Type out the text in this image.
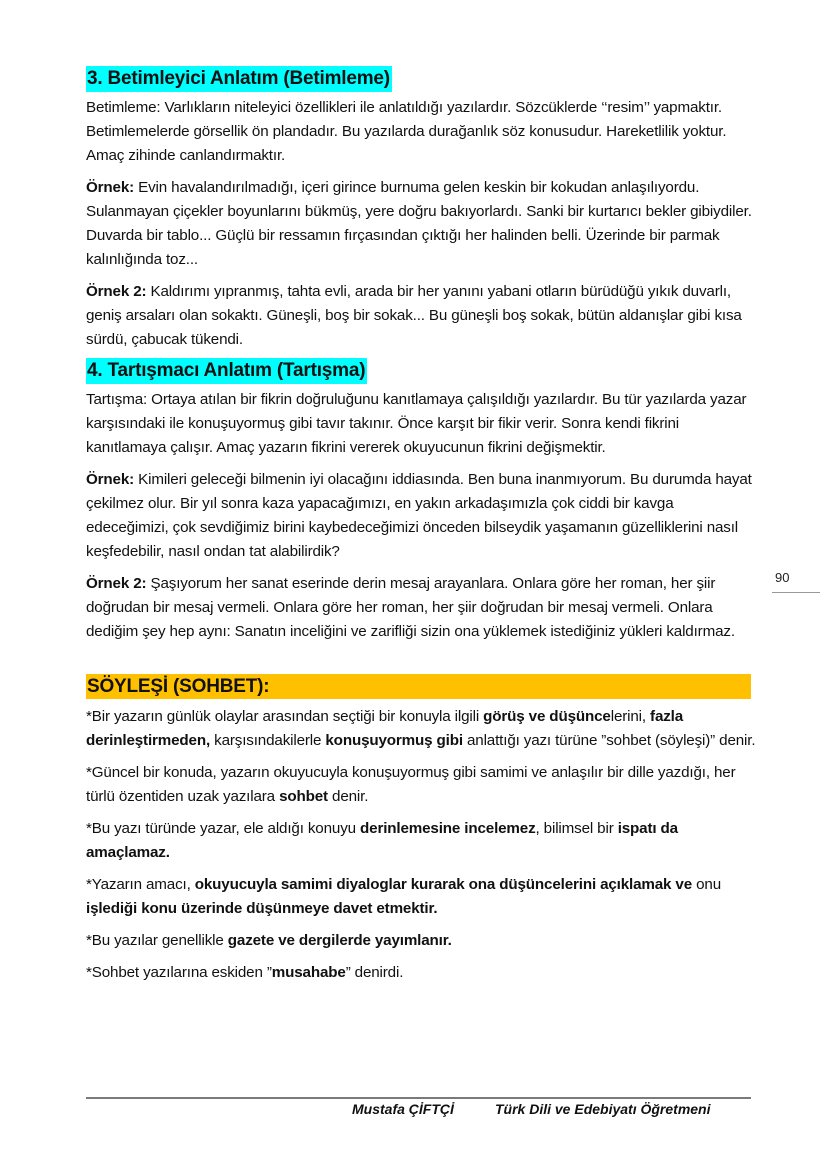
3. Betimleyici Anlatım (Betimleme)

Betimleme: Varlıkların niteleyici özellikleri ile anlatıldığı yazılardır. Sözcüklerde ‘‘resim’’ yapmaktır. Betimlemelerde görsellik ön plandadır. Bu yazılarda durağanlık söz konusudur. Hareketlilik yoktur. Amaç zihinde canlandırmaktır.

Örnek: Evin havalandırılmadığı, içeri girince burnuma gelen keskin bir kokudan anlaşılıyordu. Sulanmayan çiçekler boyunlarını bükmüş, yere doğru bakıyorlardı. Sanki bir kurtarıcı bekler gibiydiler. Duvarda bir tablo... Güçlü bir ressamın fırçasından çıktığı her halinden belli. Üzerinde bir parmak kalınlığında toz...

Örnek 2: Kaldırımı yıpranmış, tahta evli, arada bir her yanını yabani otların bürüdüğü yıkık duvarlı, geniş arsaları olan sokaktı. Güneşli, boş bir sokak... Bu güneşli boş sokak, bütün aldanışlar gibi kısa sürdü, çabucak tükendi.

4. Tartışmacı Anlatım (Tartışma)

Tartışma: Ortaya atılan bir fikrin doğruluğunu kanıtlamaya çalışıldığı yazılardır. Bu tür yazılarda yazar karşısındaki ile konuşuyormuş gibi tavır takınır. Önce karşıt bir fikir verir. Sonra kendi fikrini kanıtlamaya çalışır. Amaç yazarın fikrini vererek okuyucunun fikrini değişmektir.

Örnek: Kimileri geleceği bilmenin iyi olacağını iddiasında. Ben buna inanmıyorum. Bu durumda hayat çekilmez olur. Bir yıl sonra kaza yapacağımızı, en yakın arkadaşımızla çok ciddi bir kavga edeceğimizi, çok sevdiğimiz birini kaybedeceğimizi önceden bilseydik yaşamanın güzelliklerini nasıl keşfedebilir, nasıl ondan tat alabilirdik?

Örnek 2: Şaşıyorum her sanat eserinde derin mesaj arayanlara. Onlara göre her roman, her şiir doğrudan bir mesaj vermeli. Onlara göre her roman, her şiir doğrudan bir mesaj vermeli. Onlara dediğim şey hep aynı: Sanatın inceliğini ve zarifliği sizin ona yüklemek istediğiniz yükleri kaldırmaz.

SÖYLEŞİ (SOHBET):

*Bir yazarın günlük olaylar arasından seçtiği bir konuyla ilgili görüş ve düşüncelerini, fazla derinleştirmeden, karşısındakilerle konuşuyormuş gibi anlattığı yazı türüne ”sohbet (söyleşi)” denir.

*Güncel bir konuda, yazarın okuyucuyla konuşuyormuş gibi samimi ve anlaşılır bir dille yazdığı, her türlü özentiden uzak yazılara sohbet denir.

*Bu yazı türünde yazar, ele aldığı konuyu derinlemesine incelemez, bilimsel bir ispatı da amaçlamaz.

*Yazarın amacı, okuyucuyla samimi diyaloglar kurarak ona düşüncelerini açıklamak ve onu işlediği konu üzerinde düşünmeye davet etmektir.

*Bu yazılar genellikle gazete ve dergilerde yayımlanır.

*Sohbet yazılarına eskiden ”musahabe” denirdi.

90
Mustafa ÇİFTÇİ	Türk Dili ve Edebiyatı Öğretmeni
